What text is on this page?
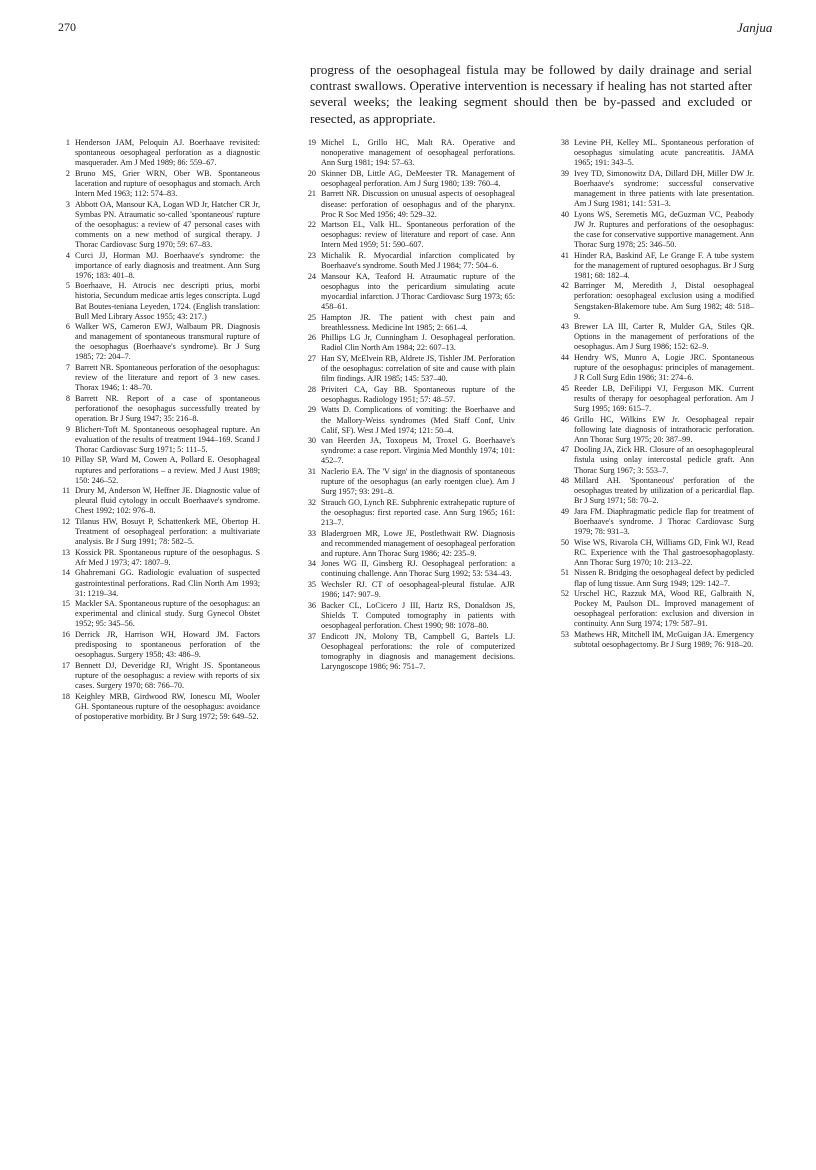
270	Janjua
progress of the oesophageal fistula may be followed by daily drainage and serial contrast swallows. Operative intervention is necessary if healing has not started after several weeks; the leaking segment should then be by-passed and excluded or resected, as appropriate.
1 Henderson JAM, Peloquin AJ. Boerhaave revisited: spontaneous oesophageal perforation as a diagnostic masquerader. Am J Med 1989; 86: 559–67.
2 Bruno MS, Grier WRN, Ober WB. Spontaneous laceration and rupture of oesophagus and stomach. Arch Intern Med 1963; 112: 574–83.
3 Abbott OA, Mansour KA, Logan WD Jr, Hatcher CR Jr, Symbas PN. Atraumatic so-called 'spontaneous' rupture of the oesophagus: a review of 47 personal cases with comments on a new method of surgical therapy. J Thorac Cardiovasc Surg 1970; 59: 67–83.
4 Curci JJ, Horman MJ. Boerhaave's syndrome: the importance of early diagnosis and treatment. Ann Surg 1976; 183: 401–8.
5 Boerhaave, H. Atrocis nec descripti prius, morbi historia, Secundum medicae artis leges conscripta. Lugd Bat Boutes-teniana Leyeden, 1724. (English translation: Bull Med Library Assoc 1955; 43: 217.)
6 Walker WS, Cameron EWJ, Walbaum PR. Diagnosis and management of spontaneous transmural rupture of the oesophagus (Boerhaave's syndrome). Br J Surg 1985; 72: 204–7.
7 Barrett NR. Spontaneous perforation of the oesophagus: review of the literature and report of 3 new cases. Thorax 1946; 1: 48–70.
8 Barrett NR. Report of a case of spontaneous perforationof the oesophagus successfully treated by operation. Br J Surg 1947; 35: 216–8.
9 Blichert-Toft M. Spontaneous oesophageal rupture. An evaluation of the results of treatment 1944–169. Scand J Thorac Cardiovasc Surg 1971; 5: 111–5.
10 Pillay SP, Ward M, Cowen A, Pollard E. Oesophageal ruptures and perforations – a review. Med J Aust 1989; 150: 246–52.
11 Drury M, Anderson W, Heffner JE. Diagnostic value of pleural fluid cytology in occult Boerhaave's syndrome. Chest 1992; 102: 976–8.
12 Tilanus HW, Bosuyt P, Schattenkerk ME, Obertop H. Treatment of oesophageal perforation: a multivariate analysis. Br J Surg 1991; 78: 582–5.
13 Kossick PR. Spontaneous rupture of the oesophagus. S Afr Med J 1973; 47: 1807–9.
14 Ghahremani GG. Radiologic evaluation of suspected gastrointestinal perforations. Rad Clin North Am 1993; 31: 1219–34.
15 Mackler SA. Spontaneous rupture of the oesophagus: an experimental and clinical study. Surg Gynecol Obstet 1952; 95: 345–56.
16 Derrick JR, Harrison WH, Howard JM. Factors predisposing to spontaneous perforation of the oesophagus. Surgery 1958; 43: 486–9.
17 Bennett DJ, Deveridge RJ, Wright JS. Spontaneous rupture of the oesophagus: a review with reports of six cases. Surgery 1970; 68: 766–70.
18 Keighley MRB, Girdwood RW, Ionescu MI, Wooler GH. Spontaneous rupture of the oesophagus: avoidance of postoperative morbidity. Br J Surg 1972; 59: 649–52.
19 Michel L, Grillo HC, Malt RA. Operative and nonoperative management of oesophageal perforations. Ann Surg 1981; 194: 57–63.
20 Skinner DB, Little AG, DeMeester TR. Management of oesophageal perforation. Am J Surg 1980; 139: 760–4.
21 Barrett NR. Discussion on unusual aspects of oesophageal disease: perforation of oesophagus and of the pharynx. Proc R Soc Med 1956; 49: 529–32.
22 Martson EL, Valk HL. Spontaneous perforation of the oesophagus: review of literature and report of case. Ann Intern Med 1959; 51: 590–607.
23 Michalik R. Myocardial infarction complicated by Boerhaave's syndrome. South Med J 1984; 77: 504–6.
24 Mansour KA, Teaford H. Atraumatic rupture of the oesophagus into the pericardium simulating acute myocardial infarction. J Thorac Cardiovasc Surg 1973; 65: 458–61.
25 Hampton JR. The patient with chest pain and breathlessness. Medicine Int 1985; 2: 661–4.
26 Phillips LG Jr, Cunningham J. Oesophageal perforation. Radiol Clin North Am 1984; 22: 607–13.
27 Han SY, McElvein RB, Aldrete JS, Tishler JM. Perforation of the oesophagus: correlation of site and cause with plain film findings. AJR 1985; 145: 537–40.
28 Priviteri CA, Gay BB. Spontaneous rupture of the oesophagus. Radiology 1951; 57: 48–57.
29 Watts D. Complications of vomiting: the Boerhaave and the Mallory-Weiss syndromes (Med Staff Conf, Univ Calif, SF). West J Med 1974; 121: 50–4.
30 van Heerden JA, Toxopeus M, Troxel G. Boerhaave's syndrome: a case report. Virginia Med Monthly 1974; 101: 452–7.
31 Naclerio EA. The 'V sign' in the diagnosis of spontaneous rupture of the oesophagus (an early roentgen clue). Am J Surg 1957; 93: 291–8.
32 Strauch GO, Lynch RE. Subphrenic extrahepatic rupture of the oesophagus: first reported case. Ann Surg 1965; 161: 213–7.
33 Bladergroen MR, Lowe JE, Postlethwait RW. Diagnosis and recommended management of oesophageal perforation and rupture. Ann Thorac Surg 1986; 42: 235–9.
34 Jones WG II, Ginsberg RJ. Oesophageal perforation: a continuing challenge. Ann Thorac Surg 1992; 53: 534–43.
35 Wechsler RJ. CT of oesophageal-pleural fistulae. AJR 1986; 147: 907–9.
36 Backer CL, LoCicero J III, Hartz RS, Donaldson JS, Shields T. Computed tomography in patients with oesophageal perforation. Chest 1990; 98: 1078–80.
37 Endicott JN, Molony TB, Campbell G, Bartels LJ. Oesophageal perforations: the role of computerized tomography in diagnosis and management decisions. Laryngoscope 1986; 96: 751–7.
38 Levine PH, Kelley ML. Spontaneous perforation of oesophagus simulating acute pancreatitis. JAMA 1965; 191: 343–5.
39 Ivey TD, Simonowitz DA, Dillard DH, Miller DW Jr. Boerhaave's syndrome: successful conservative management in three patients with late presentation. Am J Surg 1981; 141: 531–3.
40 Lyons WS, Seremetis MG, deGuzman VC, Peabody JW Jr. Ruptures and perforations of the oesophagus: the case for conservative supportive management. Ann Thorac Surg 1978; 25: 346–50.
41 Hinder RA, Baskind AF, Le Grange F. A tube system for the management of ruptured oesophagus. Br J Surg 1981; 68: 182–4.
42 Barringer M, Meredith J, Distal oesophageal perforation: oesophageal exclusion using a modified Sengstaken-Blakemore tube. Am Surg 1982; 48: 518–9.
43 Brewer LA III, Carter R, Mulder GA, Stiles QR. Options in the management of perforations of the oesophagus. Am J Surg 1986; 152: 62–9.
44 Hendry WS, Munro A, Logie JRC. Spontaneous rupture of the oesophagus: principles of management. J R Coll Surg Edin 1986; 31: 274–6.
45 Reeder LB, DeFilippi VJ, Ferguson MK. Current results of therapy for oesophageal perforation. Am J Surg 1995; 169: 615–7.
46 Grillo HC, Wilkins EW Jr. Oesophageal repair following late diagnosis of intrathoracic perforation. Ann Thorac Surg 1975; 20: 387–99.
47 Dooling JA, Zick HR. Closure of an oesophagopleural fistula using onlay intercostal pedicle graft. Ann Thorac Surg 1967; 3: 553–7.
48 Millard AH. 'Spontaneous' perforation of the oesophagus treated by utilization of a pericardial flap. Br J Surg 1971; 58: 70–2.
49 Jara FM. Diaphragmatic pedicle flap for treatment of Boerhaave's syndrome. J Thorac Cardiovasc Surg 1979; 78: 931–3.
50 Wise WS, Rivarola CH, Williams GD, Fink WJ, Read RC. Experience with the Thal gastroesophagoplasty. Ann Thorac Surg 1970; 10: 213–22.
51 Nissen R. Bridging the oesophageal defect by pedicled flap of lung tissue. Ann Surg 1949; 129: 142–7.
52 Urschel HC, Razzuk MA, Wood RE, Galbraith N, Pockey M, Paulson DL. Improved management of oesophageal perforation: exclusion and diversion in continuity. Ann Surg 1974; 179: 587–91.
53 Mathews HR, Mitchell IM, McGuigan JA. Emergency subtotal oesophagectomy. Br J Surg 1989; 76: 918–20.
